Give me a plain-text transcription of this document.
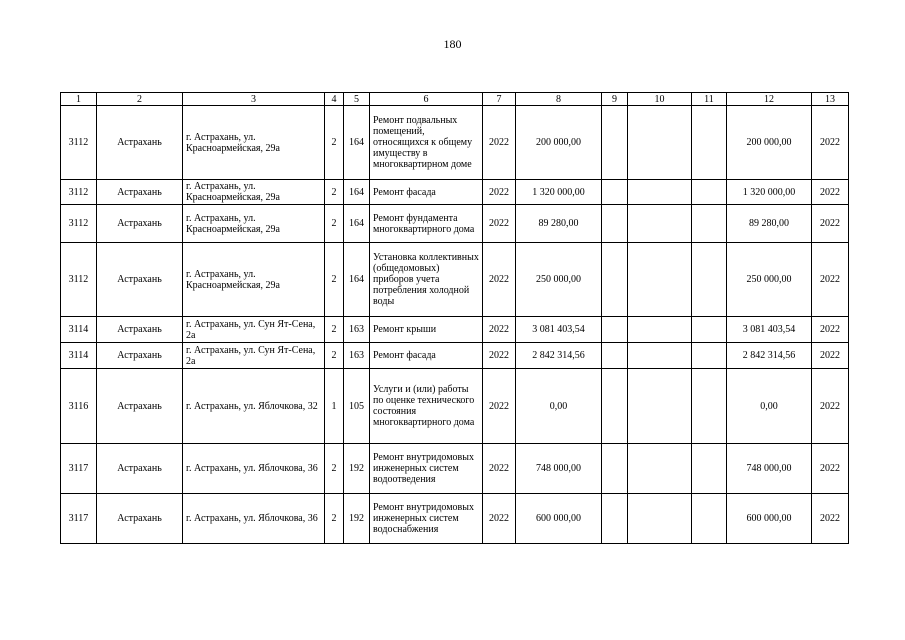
180
1	2	3	4	5	6	7	8	9	10	11	12	13
3112	Астрахань	г. Астрахань, ул. Красноармейская, 29а	2	164	Ремонт подвальных помещений, относящихся к общему имуществу в многоквартирном доме	2022	200 000,00				200 000,00	2022
3112	Астрахань	г. Астрахань, ул. Красноармейская, 29а	2	164	Ремонт фасада	2022	1 320 000,00				1 320 000,00	2022
3112	Астрахань	г. Астрахань, ул. Красноармейская, 29а	2	164	Ремонт фундамента многоквартирного дома	2022	89 280,00				89 280,00	2022
3112	Астрахань	г. Астрахань, ул. Красноармейская, 29а	2	164	Установка коллективных (общедомовых) приборов учета потребления холодной воды	2022	250 000,00				250 000,00	2022
3114	Астрахань	г. Астрахань, ул. Сун Ят-Сена, 2а	2	163	Ремонт крыши	2022	3 081 403,54				3 081 403,54	2022
3114	Астрахань	г. Астрахань, ул. Сун Ят-Сена, 2а	2	163	Ремонт фасада	2022	2 842 314,56				2 842 314,56	2022
3116	Астрахань	г. Астрахань, ул. Яблочкова, 32	1	105	Услуги и (или) работы по оценке технического состояния многоквартирного дома	2022	0,00				0,00	2022
3117	Астрахань	г. Астрахань, ул. Яблочкова, 36	2	192	Ремонт внутридомовых инженерных систем водоотведения	2022	748 000,00				748 000,00	2022
3117	Астрахань	г. Астрахань, ул. Яблочкова, 36	2	192	Ремонт внутридомовых инженерных систем водоснабжения	2022	600 000,00				600 000,00	2022
